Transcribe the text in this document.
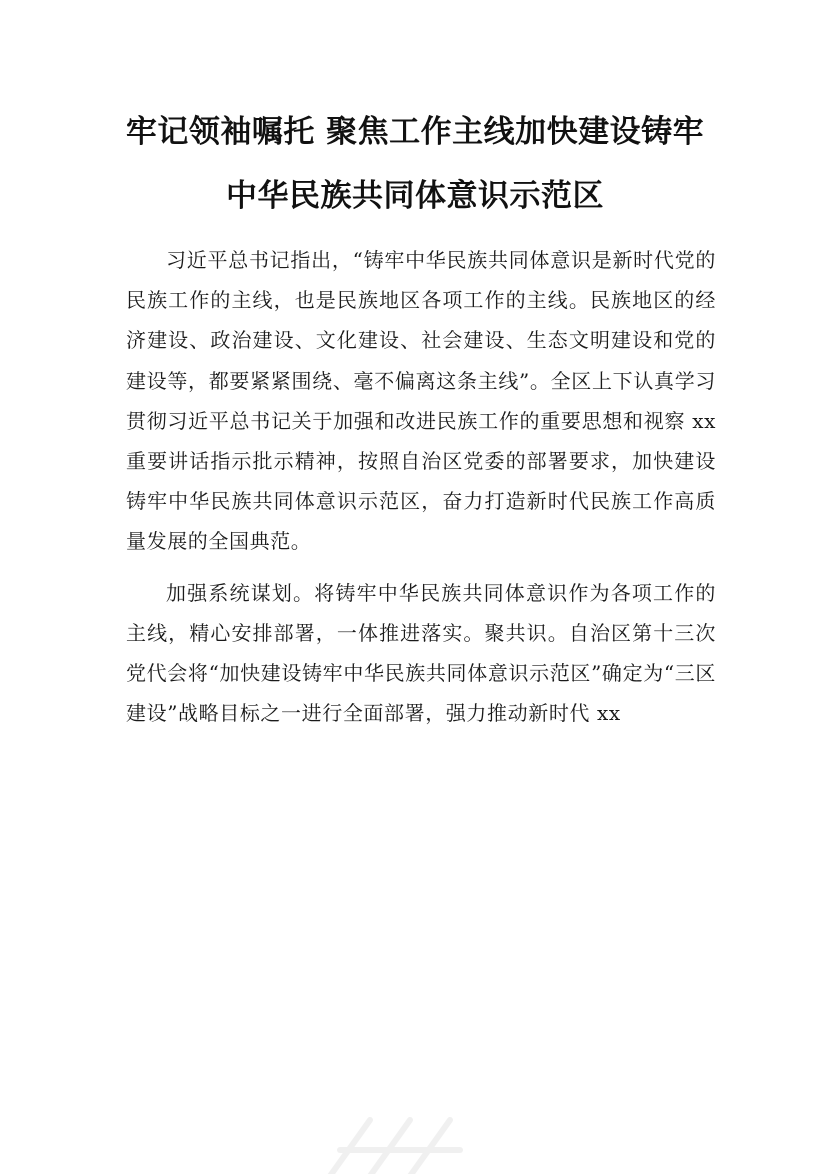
牢记领袖嘱托 聚焦工作主线加快建设铸牢
中华民族共同体意识示范区

习近平总书记指出，“铸牢中华民族共同体意识是新时代党的民族工作的主线，也是民族地区各项工作的主线。民族地区的经济建设、政治建设、文化建设、社会建设、生态文明建设和党的建设等，都要紧紧围绕、毫不偏离这条主线”。全区上下认真学习贯彻习近平总书记关于加强和改进民族工作的重要思想和视察 xx 重要讲话指示批示精神，按照自治区党委的部署要求，加快建设铸牢中华民族共同体意识示范区，奋力打造新时代民族工作高质量发展的全国典范。

加强系统谋划。将铸牢中华民族共同体意识作为各项工作的主线，精心安排部署，一体推进落实。聚共识。自治区第十三次党代会将“加快建设铸牢中华民族共同体意识示范区”确定为“三区建设”战略目标之一进行全面部署，强力推动新时代 xx
